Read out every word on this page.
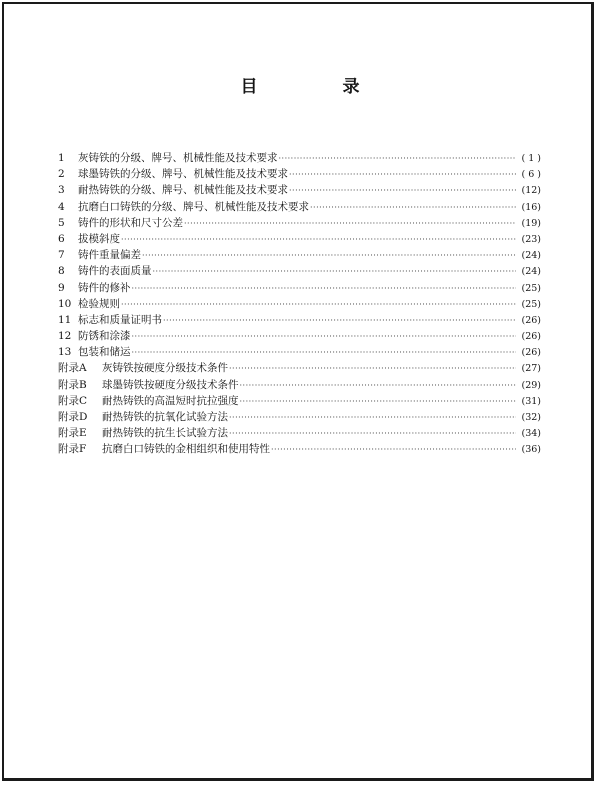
目　录
1	灰铸铁的分级、牌号、机械性能及技术要求 ·····	( 1 )
2	球墨铸铁的分级、牌号、机械性能及技术要求 ·····	( 6 )
3	耐热铸铁的分级、牌号、机械性能及技术要求 ·····	(12)
4	抗磨白口铸铁的分级、牌号、机械性能及技术要求 ·····	(16)
5	铸件的形状和尺寸公差 ·····	(19)
6	拔模斜度 ·····	(23)
7	铸件重量偏差 ·····	(24)
8	铸件的表面质量 ·····	(24)
9	铸件的修补 ·····	(25)
10 检验规则 ·····	(25)
11 标志和质量证明书 ·····	(26)
12 防锈和涂漆 ·····	(26)
13 包装和储运 ·····	(26)
附录A	灰铸铁按硬度分级技术条件 ·····	(27)
附录B	球墨铸铁按硬度分级技术条件 ·····	(29)
附录C	耐热铸铁的高温短时抗拉强度 ·····	(31)
附录D	耐热铸铁的抗氧化试验方法 ·····	(32)
附录E	耐热铸铁的抗生长试验方法 ·····	(34)
附录F	抗磨白口铸铁的金相组织和使用特性 ·····	(36)
